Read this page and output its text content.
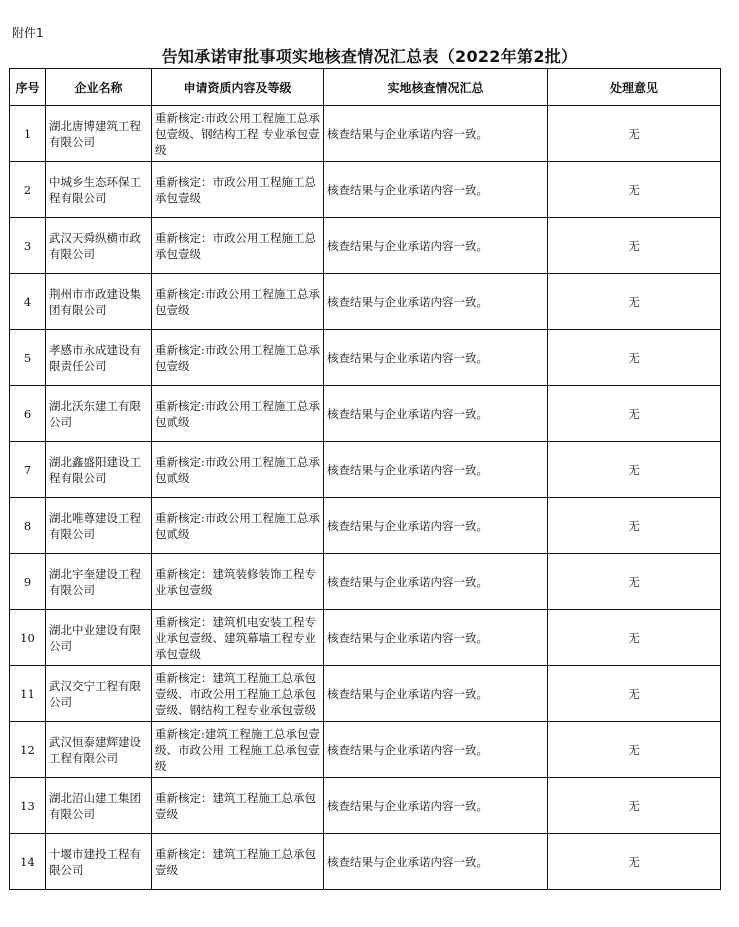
附件1
告知承诺审批事项实地核查情况汇总表（2022年第2批）
序号	企业名称	申请资质内容及等级	实地核查情况汇总	处理意见
1	湖北唐博建筑工程有限公司	重新核定:市政公用工程施工总承包壹级、钢结构工程 专业承包壹级	核查结果与企业承诺内容一致。	无
2	中城乡生态环保工程有限公司	重新核定：市政公用工程施工总承包壹级	核查结果与企业承诺内容一致。	无
3	武汉天舜纵横市政有限公司	重新核定：市政公用工程施工总承包壹级	核查结果与企业承诺内容一致。	无
4	荆州市市政建设集团有限公司	重新核定:市政公用工程施工总承包壹级	核查结果与企业承诺内容一致。	无
5	孝感市永成建设有限责任公司	重新核定:市政公用工程施工总承包壹级	核查结果与企业承诺内容一致。	无
6	湖北沃东建工有限公司	重新核定:市政公用工程施工总承包贰级	核查结果与企业承诺内容一致。	无
7	湖北鑫盛阳建设工程有限公司	重新核定:市政公用工程施工总承包贰级	核查结果与企业承诺内容一致。	无
8	湖北唯尊建设工程有限公司	重新核定:市政公用工程施工总承包贰级	核查结果与企业承诺内容一致。	无
9	湖北宇奎建设工程有限公司	重新核定：建筑装修装饰工程专业承包壹级	核查结果与企业承诺内容一致。	无
10	湖北中业建设有限公司	重新核定：建筑机电安装工程专业承包壹级、建筑幕墙工程专业承包壹级	核查结果与企业承诺内容一致。	无
11	武汉交宁工程有限公司	重新核定：建筑工程施工总承包壹级、市政公用工程施工总承包壹级、钢结构工程专业承包壹级	核查结果与企业承诺内容一致。	无
12	武汉恒泰建辉建设工程有限公司	重新核定:建筑工程施工总承包壹级、市政公用 工程施工总承包壹级	核查结果与企业承诺内容一致。	无
13	湖北沼山建工集团有限公司	重新核定：建筑工程施工总承包壹级	核查结果与企业承诺内容一致。	无
14	十堰市建投工程有限公司	重新核定：建筑工程施工总承包壹级	核查结果与企业承诺内容一致。	无
